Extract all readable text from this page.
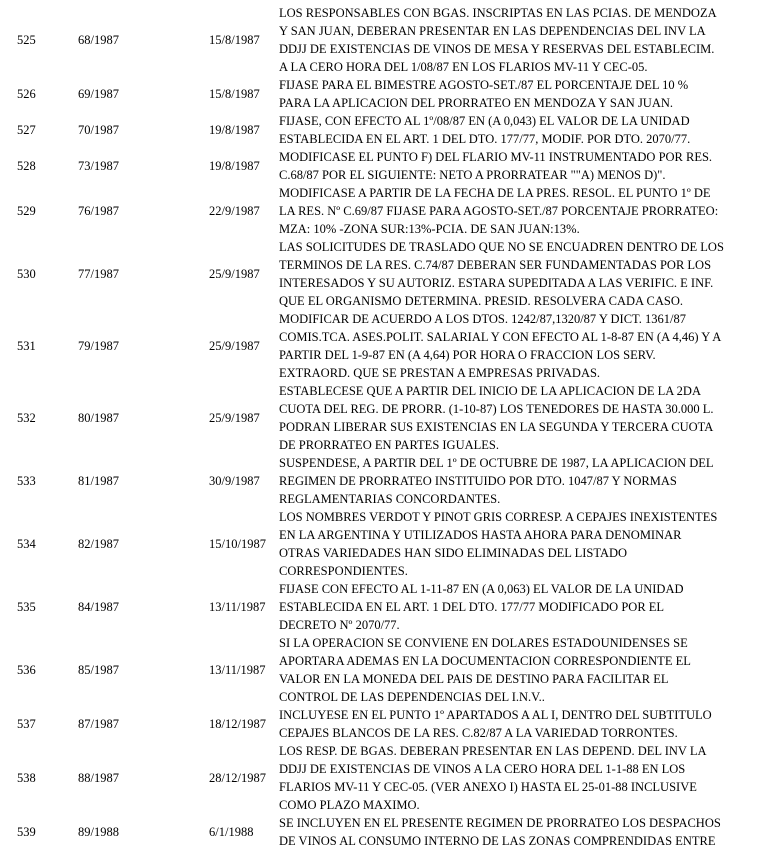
525	68/1987	15/8/1987	LOS RESPONSABLES CON BGAS. INSCRIPTAS EN LAS PCIAS. DE MENDOZA
Y SAN JUAN, DEBERAN PRESENTAR EN LAS DEPENDENCIAS DEL INV LA
DDJJ DE EXISTENCIAS DE VINOS DE MESA Y RESERVAS DEL ESTABLECIM.
A LA CERO HORA DEL 1/08/87 EN LOS FLARIOS MV-11 Y CEC-05.

526	69/1987	15/8/1987	FIJASE PARA EL BIMESTRE AGOSTO-SET./87 EL PORCENTAJE DEL 10 %
PARA LA APLICACION DEL PRORRATEO EN MENDOZA Y SAN JUAN.

527	70/1987	19/8/1987	FIJASE, CON EFECTO AL 1º/08/87 EN (A 0,043) EL VALOR DE LA UNIDAD
ESTABLECIDA EN EL ART. 1 DEL DTO. 177/77, MODIF. POR DTO. 2070/77.

528	73/1987	19/8/1987	MODIFICASE EL PUNTO F) DEL FLARIO MV-11 INSTRUMENTADO POR RES.
C.68/87 POR EL SIGUIENTE: NETO A PRORRATEAR ""A) MENOS D)".

529	76/1987	22/9/1987	MODIFICASE A PARTIR DE LA FECHA DE LA PRES. RESOL. EL PUNTO 1º DE
LA RES. Nº C.69/87 FIJASE PARA AGOSTO-SET./87 PORCENTAJE PRORRATEO:
MZA: 10% -ZONA SUR:13%-PCIA. DE SAN JUAN:13%.

530	77/1987	25/9/1987	LAS SOLICITUDES DE TRASLADO QUE NO SE ENCUADREN DENTRO DE LOS
TERMINOS DE LA RES. C.74/87 DEBERAN SER FUNDAMENTADAS POR LOS
INTERESADOS Y SU AUTORIZ. ESTARA SUPEDITADA A LAS VERIFIC. E INF.
QUE EL ORGANISMO DETERMINA. PRESID. RESOLVERA CADA CASO.

531	79/1987	25/9/1987	MODIFICAR DE ACUERDO A LOS DTOS. 1242/87,1320/87 Y DICT. 1361/87
COMIS.TCA. ASES.POLIT. SALARIAL Y CON EFECTO AL 1-8-87 EN (A 4,46) Y A
PARTIR DEL 1-9-87 EN (A 4,64) POR HORA O FRACCION LOS SERV.
EXTRAORD. QUE SE PRESTAN A EMPRESAS PRIVADAS.

532	80/1987	25/9/1987	ESTABLECESE QUE A PARTIR DEL INICIO DE LA APLICACION DE LA 2DA
CUOTA DEL REG. DE PRORR. (1-10-87) LOS TENEDORES DE HASTA 30.000 L.
PODRAN LIBERAR SUS EXISTENCIAS EN LA SEGUNDA Y TERCERA CUOTA
DE PRORRATEO EN PARTES IGUALES.

533	81/1987	30/9/1987	SUSPENDESE, A PARTIR DEL 1º DE OCTUBRE DE 1987, LA APLICACION DEL
REGIMEN DE PRORRATEO INSTITUIDO POR DTO. 1047/87 Y NORMAS
REGLAMENTARIAS CONCORDANTES.

534	82/1987	15/10/1987	LOS NOMBRES VERDOT Y PINOT GRIS CORRESP. A CEPAJES INEXISTENTES
EN LA ARGENTINA Y UTILIZADOS HASTA AHORA PARA DENOMINAR
OTRAS VARIEDADES HAN SIDO ELIMINADAS DEL LISTADO
CORRESPONDIENTES.

535	84/1987	13/11/1987	FIJASE CON EFECTO AL 1-11-87 EN (A 0,063) EL VALOR DE LA UNIDAD
ESTABLECIDA EN EL ART. 1 DEL DTO. 177/77 MODIFICADO POR EL
DECRETO Nº 2070/77.

536	85/1987	13/11/1987	SI LA OPERACION SE CONVIENE EN DOLARES ESTADOUNIDENSES SE
APORTARA ADEMAS EN LA DOCUMENTACION CORRESPONDIENTE EL
VALOR EN LA MONEDA DEL PAIS DE DESTINO PARA FACILITAR EL
CONTROL DE LAS DEPENDENCIAS DEL I.N.V..

537	87/1987	18/12/1987	INCLUYESE EN EL PUNTO 1º APARTADOS A AL I, DENTRO DEL SUBTITULO
CEPAJES BLANCOS DE LA RES. C.82/87 A LA VARIEDAD TORRONTES.

538	88/1987	28/12/1987	LOS RESP. DE BGAS. DEBERAN PRESENTAR EN LAS DEPEND. DEL INV LA
DDJJ DE EXISTENCIAS DE VINOS A LA CERO HORA DEL 1-1-88 EN LOS
FLARIOS MV-11 Y CEC-05. (VER ANEXO I) HASTA EL 25-01-88 INCLUSIVE
COMO PLAZO MAXIMO.

539	89/1988	6/1/1988	SE INCLUYEN EN EL PRESENTE REGIMEN DE PRORRATEO LOS DESPACHOS
DE VINOS AL CONSUMO INTERNO DE LAS ZONAS COMPRENDIDAS ENTRE
